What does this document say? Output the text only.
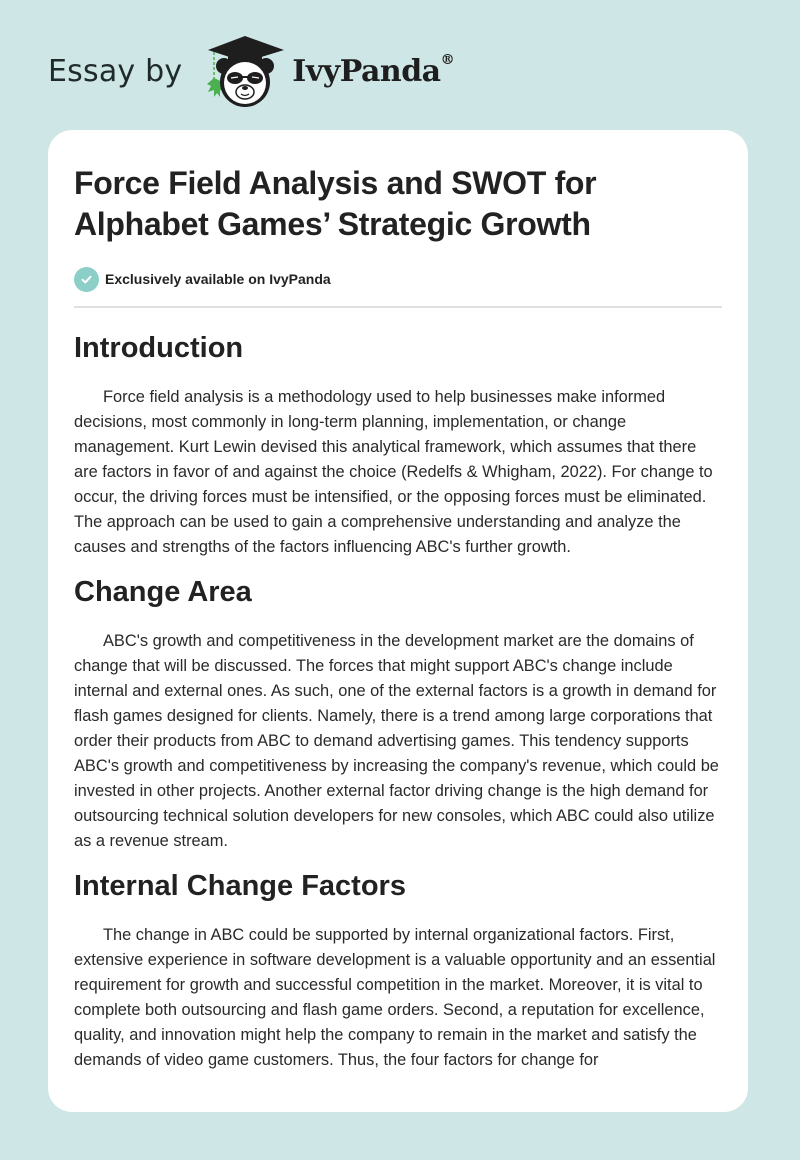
Essay by	IvyPanda®
Force Field Analysis and SWOT for Alphabet Games’ Strategic Growth
Exclusively available on IvyPanda
Introduction

Force field analysis is a methodology used to help businesses make informed decisions, most commonly in long-term planning, implementation, or change management. Kurt Lewin devised this analytical framework, which assumes that there are factors in favor of and against the choice (Redelfs & Whigham, 2022). For change to occur, the driving forces must be intensified, or the opposing forces must be eliminated. The approach can be used to gain a comprehensive understanding and analyze the causes and strengths of the factors influencing ABC's further growth.

Change Area

ABC's growth and competitiveness in the development market are the domains of change that will be discussed. The forces that might support ABC's change include internal and external ones. As such, one of the external factors is a growth in demand for flash games designed for clients. Namely, there is a trend among large corporations that order their products from ABC to demand advertising games. This tendency supports ABC's growth and competitiveness by increasing the company's revenue, which could be invested in other projects. Another external factor driving change is the high demand for outsourcing technical solution developers for new consoles, which ABC could also utilize as a revenue stream.

Internal Change Factors

The change in ABC could be supported by internal organizational factors. First, extensive experience in software development is a valuable opportunity and an essential requirement for growth and successful competition in the market. Moreover, it is vital to complete both outsourcing and flash game orders. Second, a reputation for excellence, quality, and innovation might help the company to remain in the market and satisfy the demands of video game customers. Thus, the four factors for change for
